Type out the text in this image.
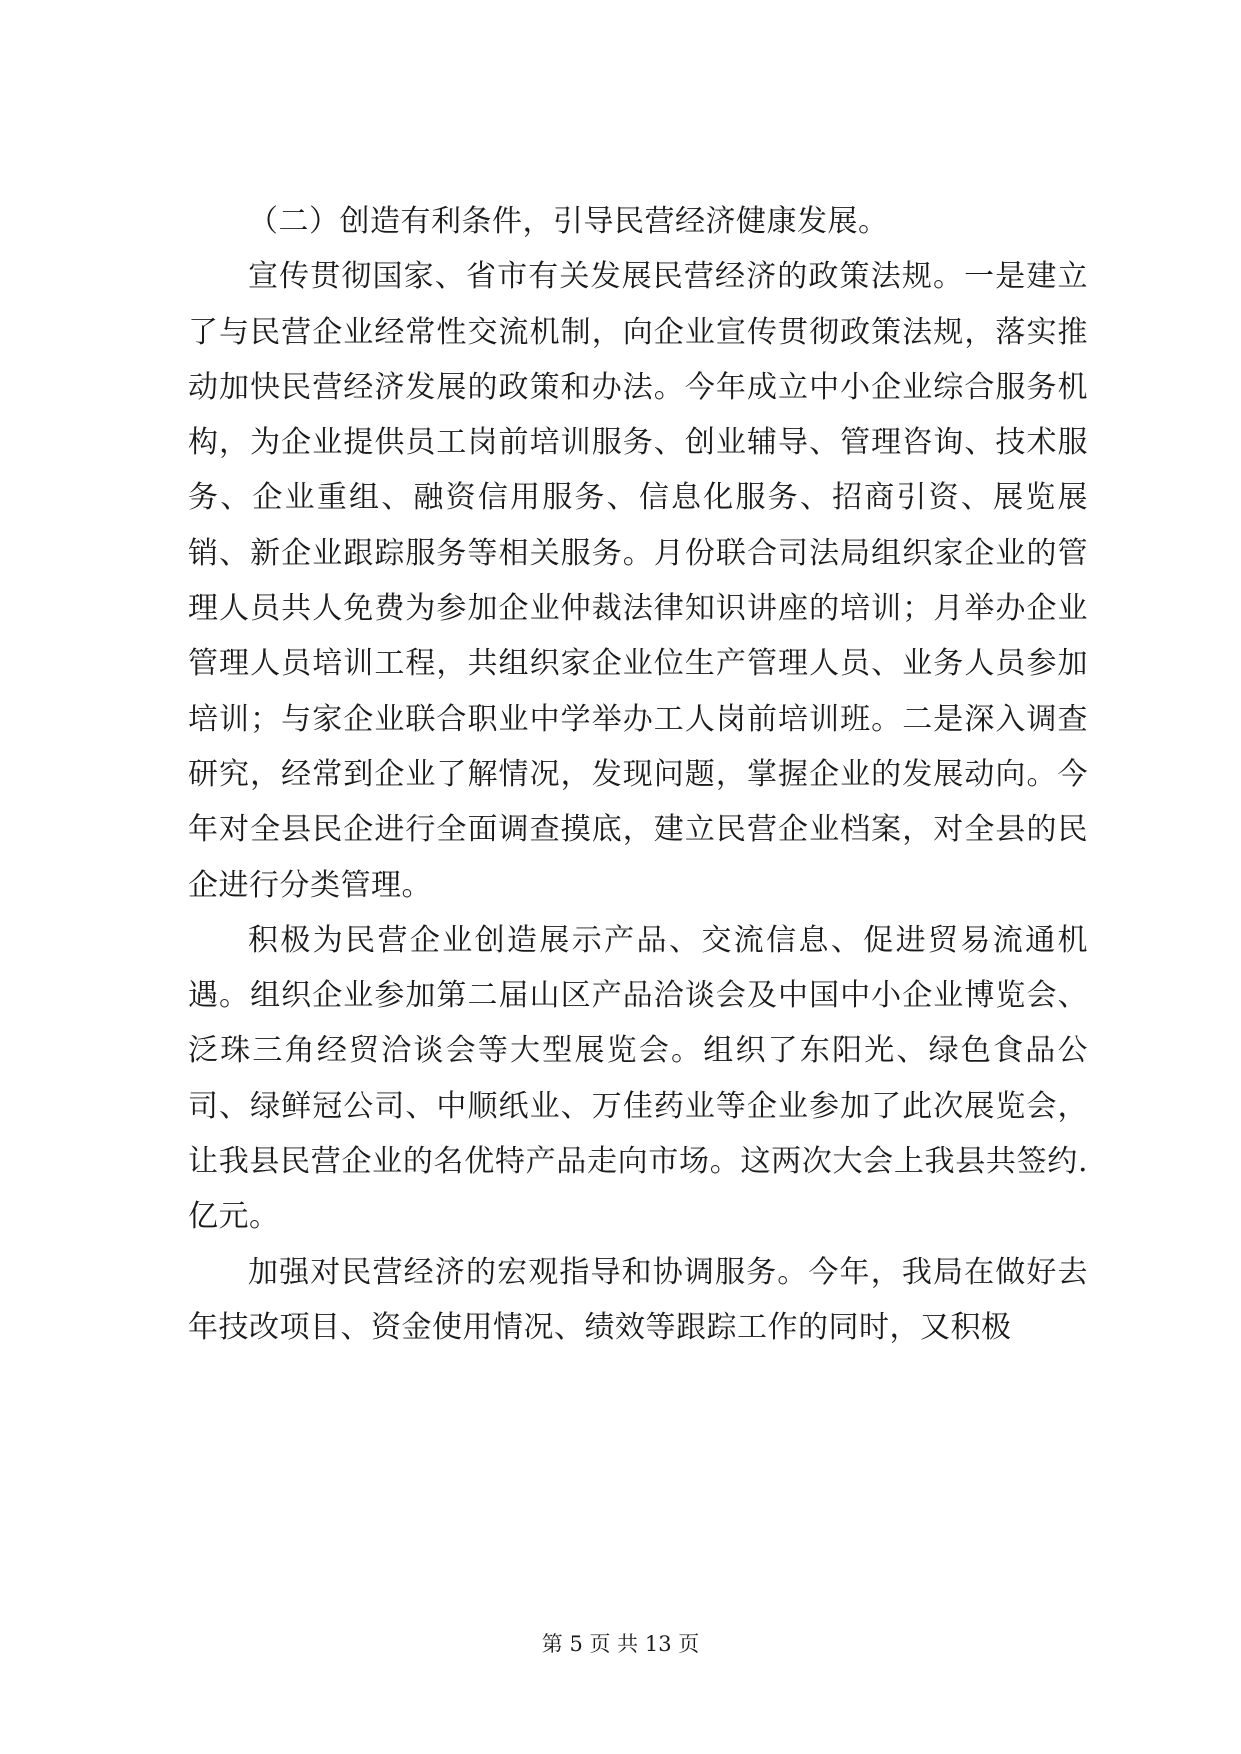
（二）创造有利条件，引导民营经济健康发展。

宣传贯彻国家、省市有关发展民营经济的政策法规。一是建立了与民营企业经常性交流机制，向企业宣传贯彻政策法规，落实推动加快民营经济发展的政策和办法。今年成立中小企业综合服务机构，为企业提供员工岗前培训服务、创业辅导、管理咨询、技术服务、企业重组、融资信用服务、信息化服务、招商引资、展览展销、新企业跟踪服务等相关服务。月份联合司法局组织家企业的管理人员共人免费为参加企业仲裁法律知识讲座的培训；月举办企业管理人员培训工程，共组织家企业位生产管理人员、业务人员参加培训；与家企业联合职业中学举办工人岗前培训班。二是深入调查研究，经常到企业了解情况，发现问题，掌握企业的发展动向。今年对全县民企进行全面调查摸底，建立民营企业档案，对全县的民企进行分类管理。

积极为民营企业创造展示产品、交流信息、促进贸易流通机遇。组织企业参加第二届山区产品洽谈会及中国中小企业博览会、泛珠三角经贸洽谈会等大型展览会。组织了东阳光、绿色食品公司、绿鲜冠公司、中顺纸业、万佳药业等企业参加了此次展览会，让我县民营企业的名优特产品走向市场。这两次大会上我县共签约.亿元。

加强对民营经济的宏观指导和协调服务。今年，我局在做好去年技改项目、资金使用情况、绩效等跟踪工作的同时，又积极

第 5 页 共 13 页
